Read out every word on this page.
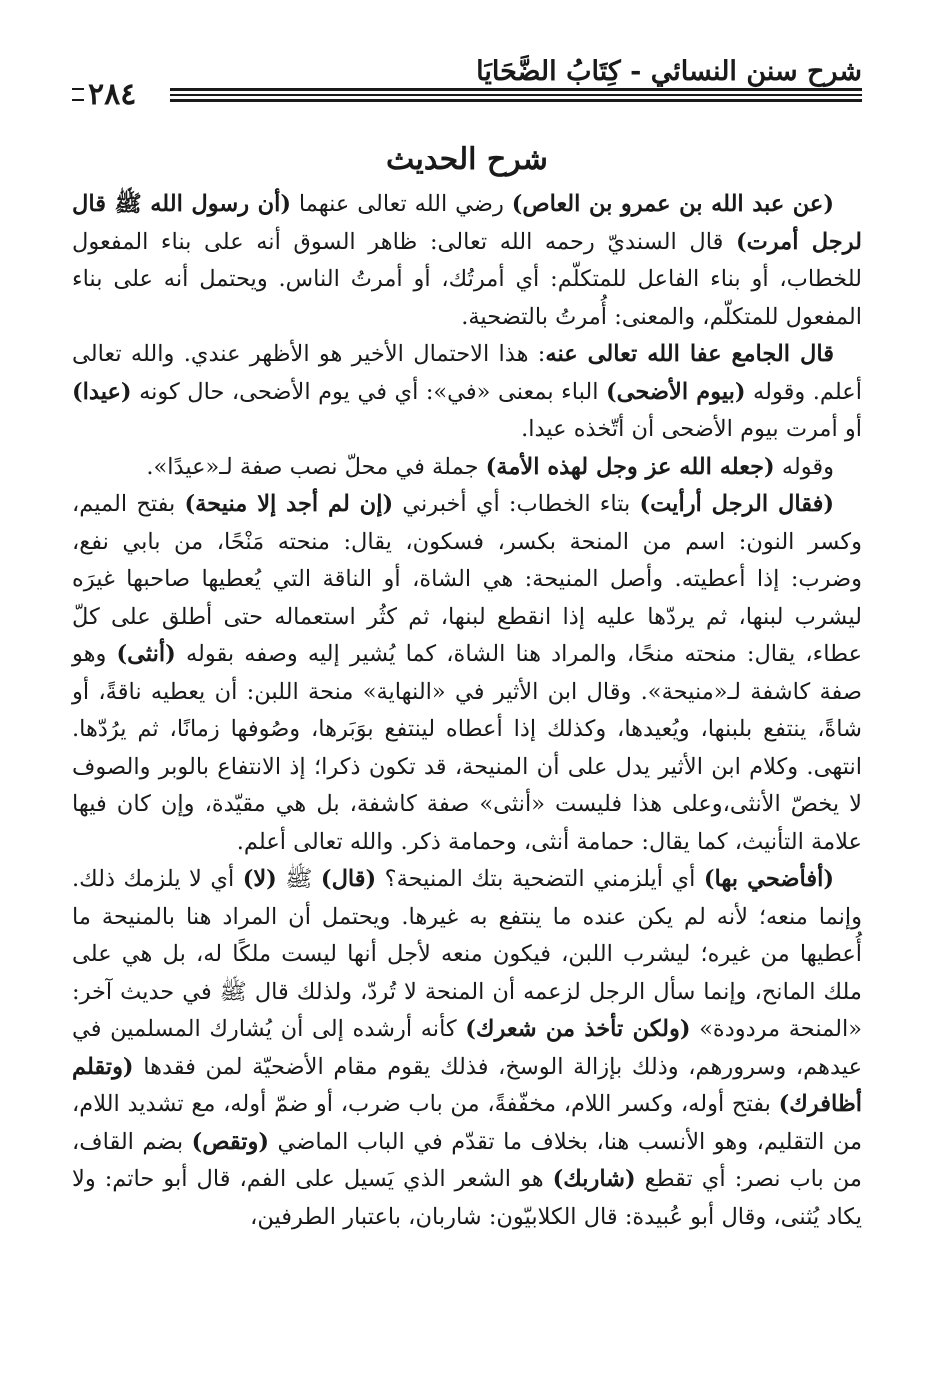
شرح سنن النسائي - كِتَابُ الضَّحَايَا
٢٨٤
شرح الحديث

(عن عبد الله بن عمرو بن العاص) رضي الله تعالى عنهما (أن رسول الله ﷺ قال لرجل أمرت) قال السنديّ رحمه الله تعالى: ظاهر السوق أنه على بناء المفعول للخطاب، أو بناء الفاعل للمتكلّم: أي أمرتُك، أو أمرتُ الناس. ويحتمل أنه على بناء المفعول للمتكلّم، والمعنى: أُمرتُ بالتضحية.

قال الجامع عفا الله تعالى عنه: هذا الاحتمال الأخير هو الأظهر عندي. والله تعالى أعلم. وقوله (بيوم الأضحى) الباء بمعنى «في»: أي في يوم الأضحى، حال كونه (عيدا) أو أمرت بيوم الأضحى أن أتّخذه عيدا.

وقوله (جعله الله عز وجل لهذه الأمة) جملة في محلّ نصب صفة لـ«عيدًا».

(فقال الرجل أرأيت) بتاء الخطاب: أي أخبرني (إن لم أجد إلا منيحة) بفتح الميم، وكسر النون: اسم من المنحة بكسر، فسكون، يقال: منحته مَنْحًا، من بابي نفع، وضرب: إذا أعطيته. وأصل المنيحة: هي الشاة، أو الناقة التي يُعطيها صاحبها غيرَه ليشرب لبنها، ثم يردّها عليه إذا انقطع لبنها، ثم كثُر استعماله حتى أطلق على كلّ عطاء، يقال: منحته منحًا، والمراد هنا الشاة، كما يُشير إليه وصفه بقوله (أنثى) وهو صفة كاشفة لـ«منيحة». وقال ابن الأثير في «النهاية» منحة اللبن: أن يعطيه ناقةً، أو شاةً، ينتفع بلبنها، ويُعيدها، وكذلك إذا أعطاه لينتفع بوَبَرها، وصُوفها زمانًا، ثم يرُدّها. انتهى. وكلام ابن الأثير يدل على أن المنيحة، قد تكون ذكرا؛ إذ الانتفاع بالوبر والصوف لا يخصّ الأنثى،وعلى هذا فليست «أنثى» صفة كاشفة، بل هي مقيّدة، وإن كان فيها علامة التأنيث، كما يقال: حمامة أنثى، وحمامة ذكر. والله تعالى أعلم.

(أفأضحي بها) أي أيلزمني التضحية بتك المنيحة؟ (قال) ﷺ (لا) أي لا يلزمك ذلك. وإنما منعه؛ لأنه لم يكن عنده ما ينتفع به غيرها. ويحتمل أن المراد هنا بالمنيحة ما أُعطيها من غيره؛ ليشرب اللبن، فيكون منعه لأجل أنها ليست ملكًا له، بل هي على ملك المانح، وإنما سأل الرجل لزعمه أن المنحة لا تُردّ، ولذلك قال ﷺ في حديث آخر: «المنحة مردودة» (ولكن تأخذ من شعرك) كأنه أرشده إلى أن يُشارك المسلمين في عيدهم، وسرورهم، وذلك بإزالة الوسخ، فذلك يقوم مقام الأضحيّة لمن فقدها (وتقلم أظافرك) بفتح أوله، وكسر اللام، مخفّفةً، من باب ضرب، أو ضمّ أوله، مع تشديد اللام، من التقليم، وهو الأنسب هنا، بخلاف ما تقدّم في الباب الماضي (وتقص) بضم القاف، من باب نصر: أي تقطع (شاربك) هو الشعر الذي يَسيل على الفم، قال أبو حاتم: ولا يكاد يُثنى، وقال أبو عُبيدة: قال الكلابيّون: شاربان، باعتبار الطرفين،
